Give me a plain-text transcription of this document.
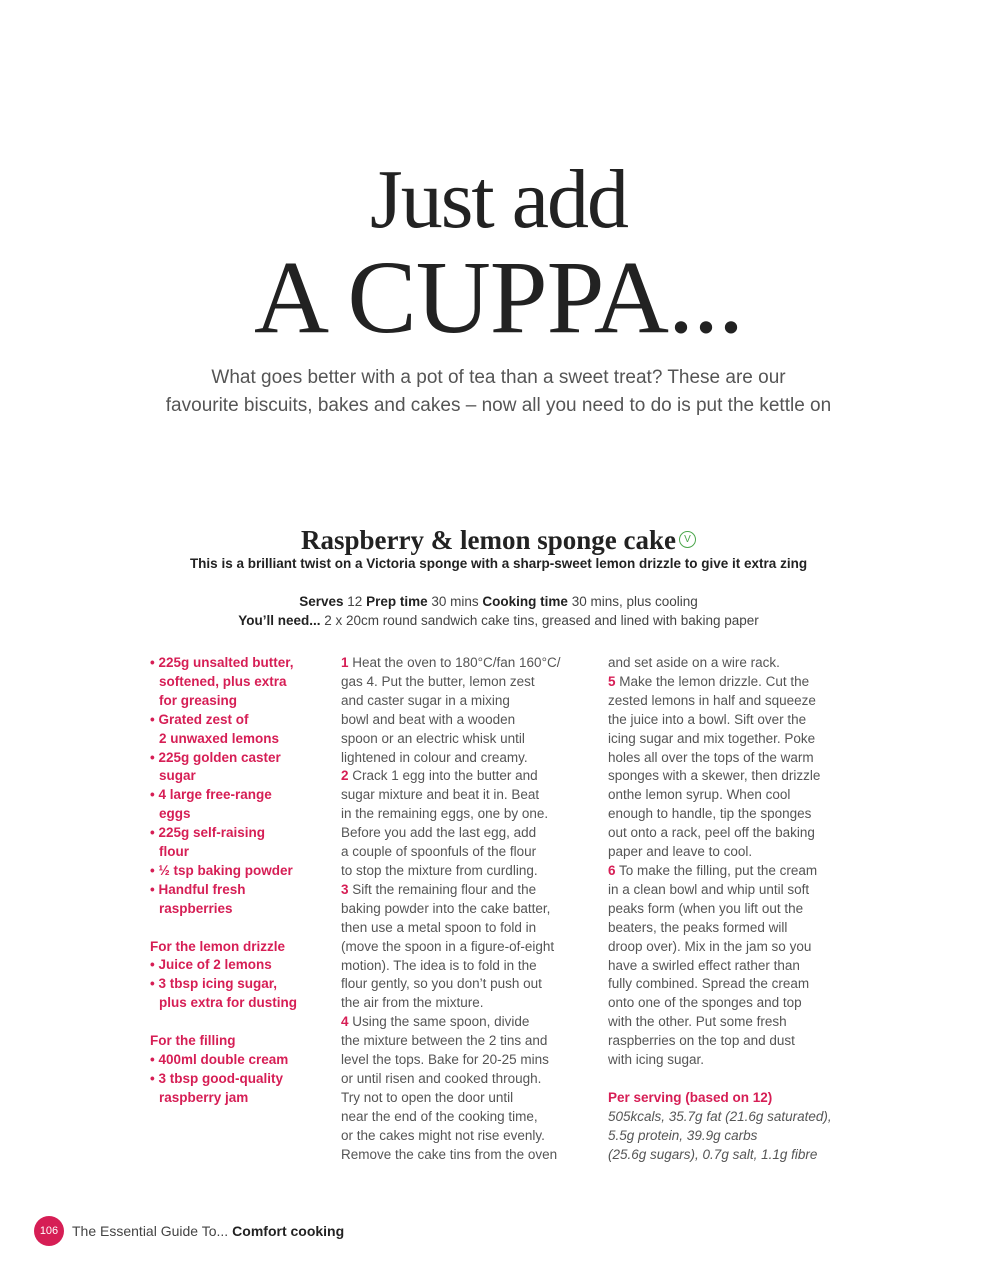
Just add
A CUPPA...
What goes better with a pot of tea than a sweet treat? These are our
favourite biscuits, bakes and cakes – now all you need to do is put the kettle on
Raspberry & lemon sponge cake V
This is a brilliant twist on a Victoria sponge with a sharp-sweet lemon drizzle to give it extra zing
Serves 12 Prep time 30 mins Cooking time 30 mins, plus cooling
You’ll need... 2 x 20cm round sandwich cake tins, greased and lined with baking paper
• 225g unsalted butter,
softened, plus extra
for greasing
• Grated zest of
2 unwaxed lemons
• 225g golden caster
sugar
• 4 large free-range
eggs
• 225g self-raising
flour
• ½ tsp baking powder
• Handful fresh
raspberries
For the lemon drizzle
• Juice of 2 lemons
• 3 tbsp icing sugar,
plus extra for dusting
For the filling
• 400ml double cream
• 3 tbsp good-quality
raspberry jam
1 Heat the oven to 180°C/fan 160°C/
gas 4. Put the butter, lemon zest
and caster sugar in a mixing
bowl and beat with a wooden
spoon or an electric whisk until
lightened in colour and creamy.
2 Crack 1 egg into the butter and
sugar mixture and beat it in. Beat
in the remaining eggs, one by one.
Before you add the last egg, add
a couple of spoonfuls of the flour
to stop the mixture from curdling.
3 Sift the remaining flour and the
baking powder into the cake batter,
then use a metal spoon to fold in
(move the spoon in a figure-of-eight
motion). The idea is to fold in the
flour gently, so you don’t push out
the air from the mixture.
4 Using the same spoon, divide
the mixture between the 2 tins and
level the tops. Bake for 20-25 mins
or until risen and cooked through.
Try not to open the door until
near the end of the cooking time,
or the cakes might not rise evenly.
Remove the cake tins from the oven
and set aside on a wire rack.
5 Make the lemon drizzle. Cut the
zested lemons in half and squeeze
the juice into a bowl. Sift over the
icing sugar and mix together. Poke
holes all over the tops of the warm
sponges with a skewer, then drizzle
onthe lemon syrup. When cool
enough to handle, tip the sponges
out onto a rack, peel off the baking
paper and leave to cool.
6 To make the filling, put the cream
in a clean bowl and whip until soft
peaks form (when you lift out the
beaters, the peaks formed will
droop over). Mix in the jam so you
have a swirled effect rather than
fully combined. Spread the cream
onto one of the sponges and top
with the other. Put some fresh
raspberries on the top and dust
with icing sugar.
Per serving (based on 12)
505kcals, 35.7g fat (21.6g saturated),
5.5g protein, 39.9g carbs
(25.6g sugars), 0.7g salt, 1.1g fibre
106 The Essential Guide To... Comfort cooking
